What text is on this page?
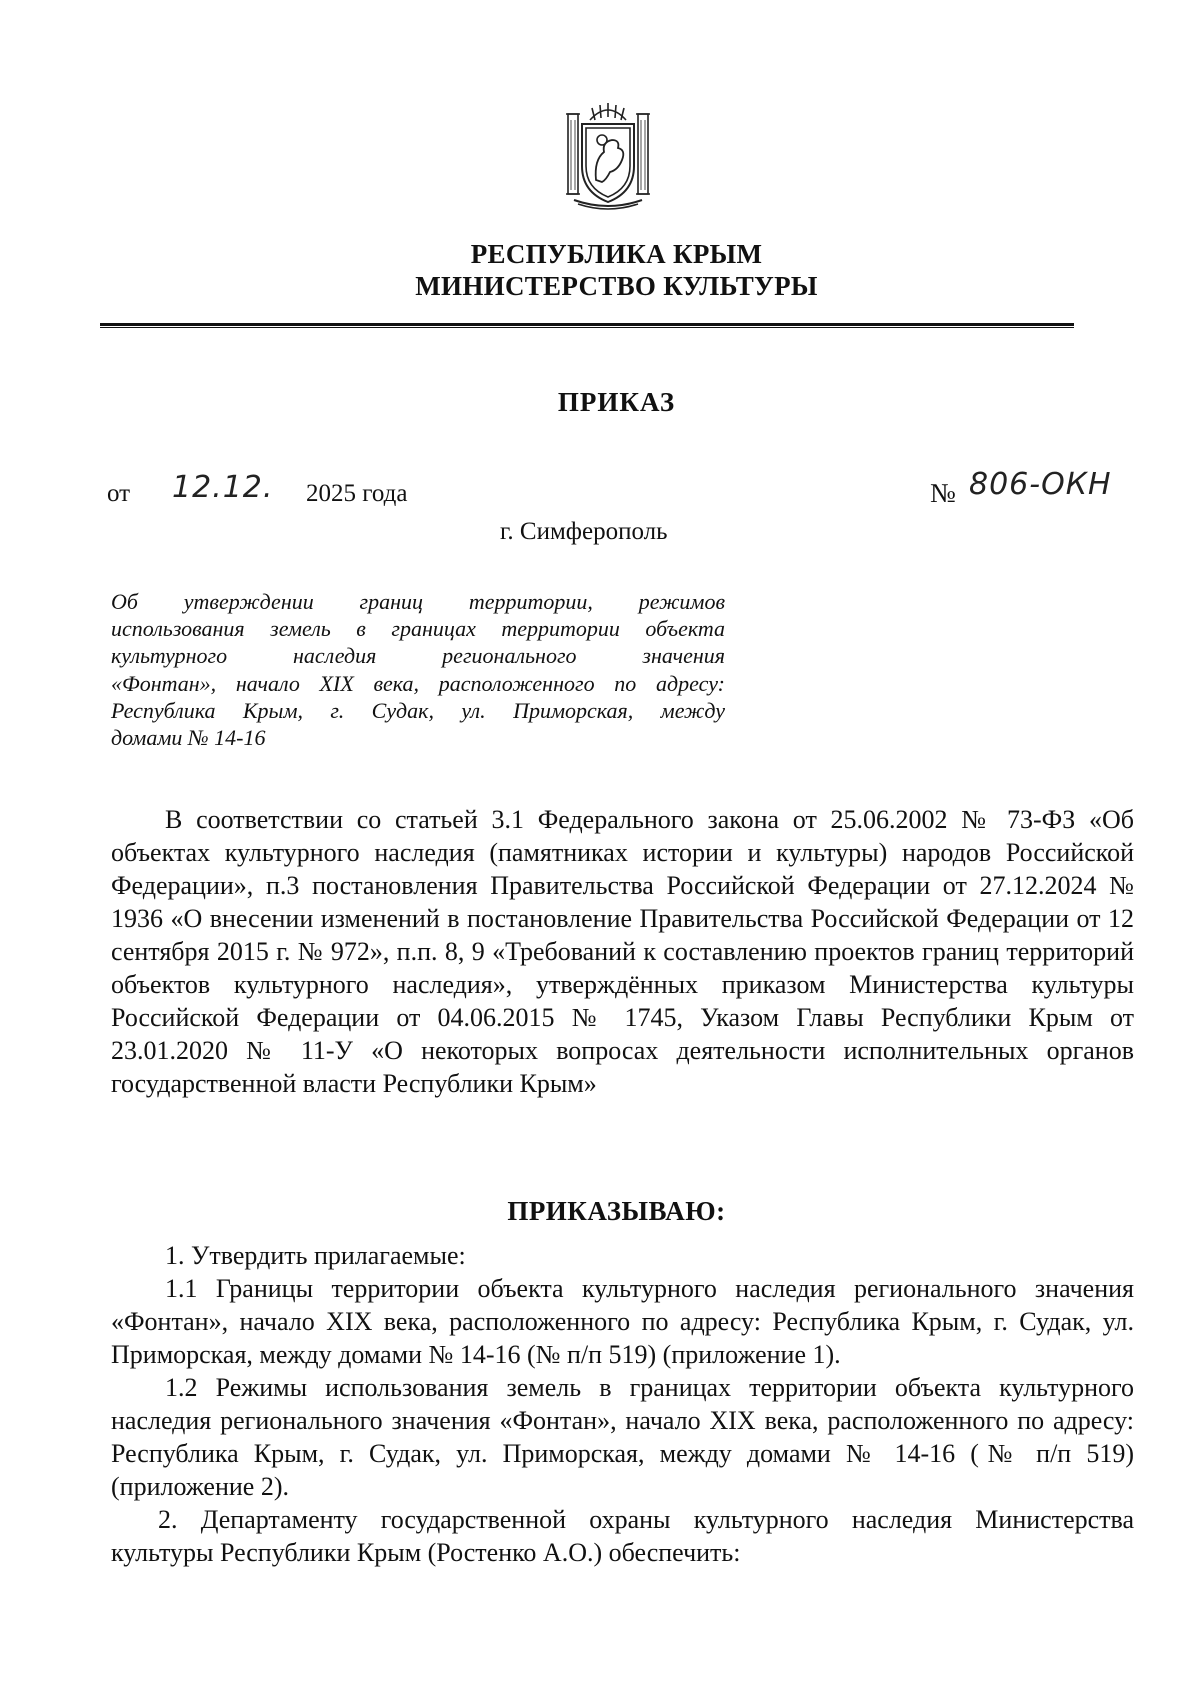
РЕСПУБЛИКА КРЫМ
МИНИСТЕРСТВО КУЛЬТУРЫ
ПРИКАЗ
от 12.12. 2025 года	№ 806-ОКН
г. Симферополь
Об утверждении границ территории, режимов
использования земель в границах территории объекта
культурного наследия регионального значения
«Фонтан», начало XIX века, расположенного по адресу:
Республика Крым, г. Судак, ул. Приморская, между
домами № 14-16

В соответствии со статьей 3.1 Федерального закона от 25.06.2002 № 73-ФЗ «Об объектах культурного наследия (памятниках истории и культуры) народов Российской Федерации», п.3 постановления Правительства Российской Федерации от 27.12.2024 № 1936 «О внесении изменений в постановление Правительства Российской Федерации от 12 сентября 2015 г. № 972», п.п. 8, 9 «Требований к составлению проектов границ территорий объектов культурного наследия», утверждённых приказом Министерства культуры Российской Федерации от 04.06.2015 № 1745, Указом Главы Республики Крым от 23.01.2020 № 11-У «О некоторых вопросах деятельности исполнительных органов государственной власти Республики Крым»

ПРИКАЗЫВАЮ:

1. Утвердить прилагаемые:

1.1 Границы территории объекта культурного наследия регионального значения «Фонтан», начало XIX века, расположенного по адресу: Республика Крым, г. Судак, ул. Приморская, между домами № 14-16 (№ п/п 519) (приложение 1).

1.2 Режимы использования земель в границах территории объекта культурного наследия регионального значения «Фонтан», начало XIX века, расположенного по адресу: Республика Крым, г. Судак, ул. Приморская, между домами № 14-16 (№ п/п 519) (приложение 2).

2. Департаменту государственной охраны культурного наследия Министерства культуры Республики Крым (Ростенко А.О.) обеспечить:
